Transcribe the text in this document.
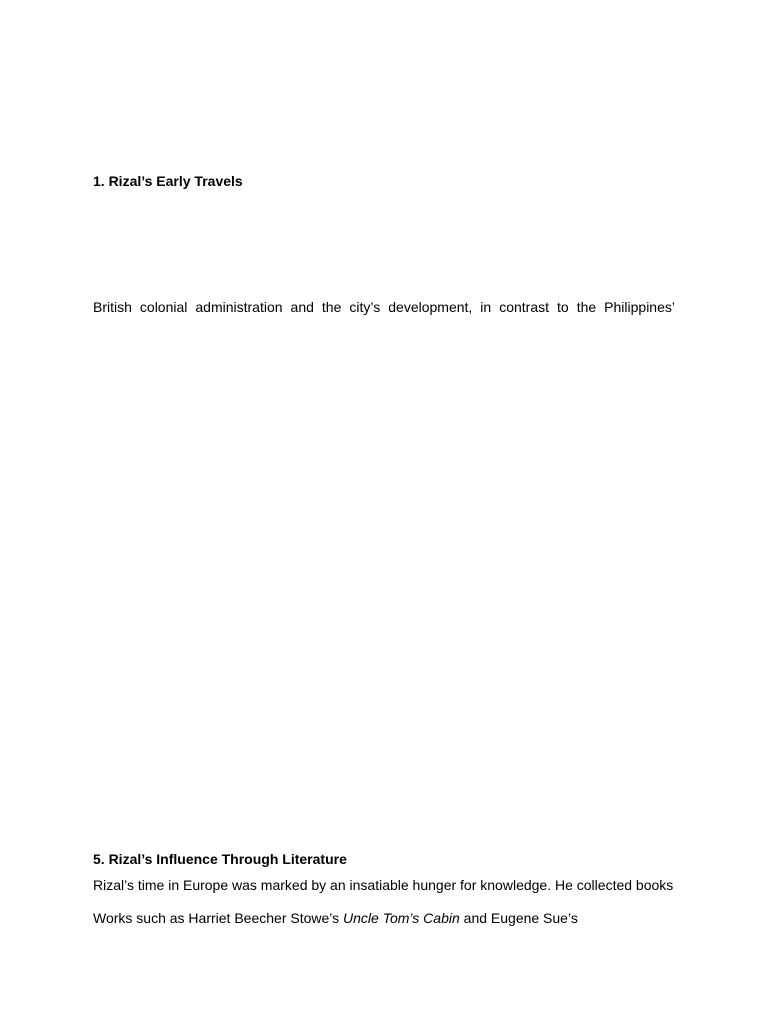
1. Rizal’s Early Travels
British colonial administration and the city’s development, in contrast to the Philippines’
5. Rizal’s Influence Through Literature
Rizal’s time in Europe was marked by an insatiable hunger for knowledge. He collected books
Works such as Harriet Beecher Stowe’s Uncle Tom’s Cabin and Eugene Sue’s
